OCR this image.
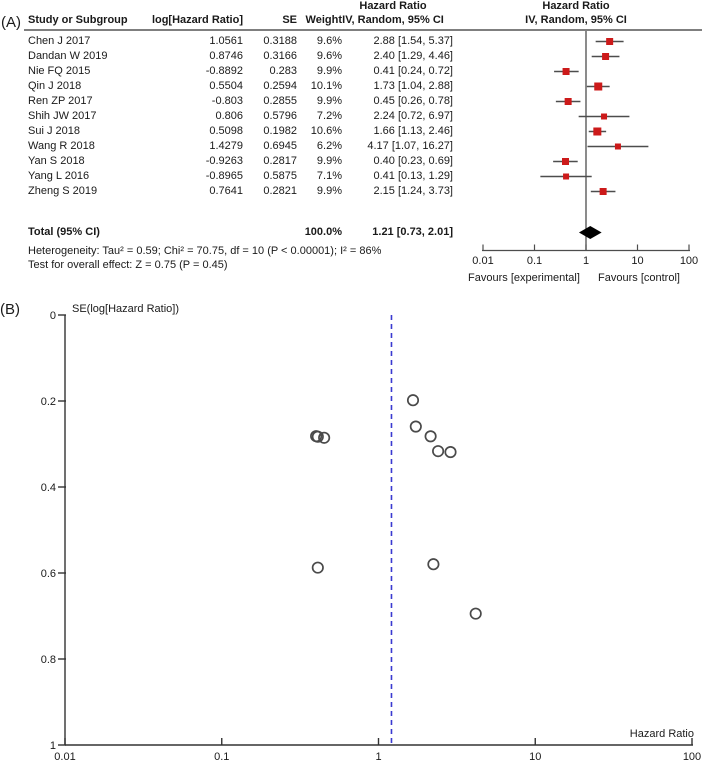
(A) Study or Subgroup	log[Hazard Ratio]	SE Weight
Hazard Ratio
IV, Random, 95% CI
Hazard Ratio
IV, Random, 95% CI
Chen J 2017	1.0561	0.3188	9.6%	2.88 [1.54, 5.37]
Dandan W 2019	0.8746	0.3166	9.6%	2.40 [1.29, 4.46]
Nie FQ 2015	-0.8892	0.283	9.9%	0.41 [0.24, 0.72]
Qin J 2018	0.5504	0.2594	10.1%	1.73 [1.04, 2.88]
Ren ZP 2017	-0.803	0.2855	9.9%	0.45 [0.26, 0.78]
Shih JW 2017	0.806	0.5796	7.2%	2.24 [0.72, 6.97]
Sui J 2018	0.5098	0.1982	10.6%	1.66 [1.13, 2.46]
Wang R 2018	1.4279	0.6945	6.2%	4.17 [1.07, 16.27]
Yan S 2018	-0.9263	0.2817	9.9%	0.40 [0.23, 0.69]
Yang L 2016	-0.8965	0.5875	7.1%	0.41 [0.13, 1.29]
Zheng S 2019	0.7641	0.2821	9.9%	2.15 [1.24, 3.73]
Total (95% CI)	100.0%	1.21 [0.73, 2.01]
Heterogeneity: Tau² = 0.59; Chi² = 70.75, df = 10 (P < 0.00001); I² = 86%
Test for overall effect: Z = 0.75 (P = 0.45)	0.01	0.1	1	10	100
Favours [experimental] Favours [control]
(B)	0
0.2
0.4
0.6
0.8
1
0.01	0.1	1	10	100
SE(log[Hazard Ratio])
Hazard Ratio
